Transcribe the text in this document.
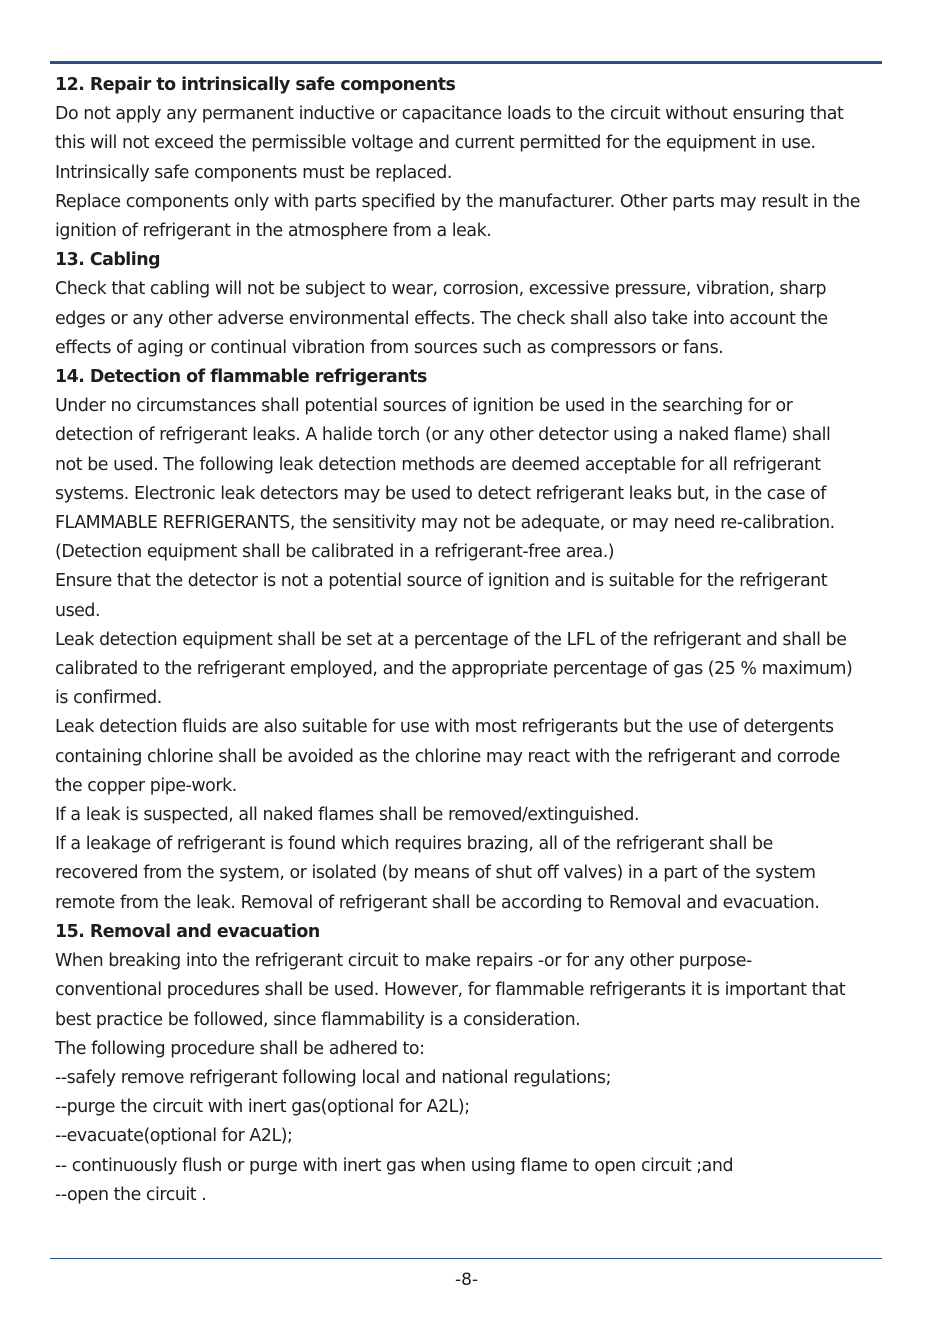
12. Repair to intrinsically safe components

Do not apply any permanent inductive or capacitance loads to the circuit without ensuring that

this will not exceed the permissible voltage and current permitted for the equipment in use.

Intrinsically safe components must be replaced.

Replace components only with parts specified by the manufacturer. Other parts may result in the

ignition of refrigerant in the atmosphere from a leak.

13. Cabling

Check that cabling will not be subject to wear, corrosion, excessive pressure, vibration, sharp

edges or any other adverse environmental effects. The check shall also take into account the

effects of aging or continual vibration from sources such as compressors or fans.

14. Detection of flammable refrigerants

Under no circumstances shall potential sources of ignition be used in the searching for or

detection of refrigerant leaks. A halide torch (or any other detector using a naked flame) shall

not be used. The following leak detection methods are deemed acceptable for all refrigerant

systems. Electronic leak detectors may be used to detect refrigerant leaks but, in the case of

FLAMMABLE REFRIGERANTS, the sensitivity may not be adequate, or may need re-calibration.

(Detection equipment shall be calibrated in a refrigerant-free area.)

Ensure that the detector is not a potential source of ignition and is suitable for the refrigerant

used.

Leak detection equipment shall be set at a percentage of the LFL of the refrigerant and shall be

calibrated to the refrigerant employed, and the appropriate percentage of gas (25 % maximum)

is confirmed.

Leak detection fluids are also suitable for use with most refrigerants but the use of detergents

containing chlorine shall be avoided as the chlorine may react with the refrigerant and corrode

the copper pipe-work.

If a leak is suspected, all naked flames shall be removed/extinguished.

If a leakage of refrigerant is found which requires brazing, all of the refrigerant shall be

recovered from the system, or isolated (by means of shut off valves) in a part of the system

remote from the leak. Removal of refrigerant shall be according to Removal and evacuation.

15. Removal and evacuation

When breaking into the refrigerant circuit to make repairs -or for any other purpose-

conventional procedures shall be used. However, for flammable refrigerants it is important that

best practice be followed, since flammability is a consideration.

The following procedure shall be adhered to:

--safely remove refrigerant following local and national regulations;

--purge the circuit with inert gas(optional for A2L);

--evacuate(optional for A2L);

-- continuously flush or purge with inert gas when using flame to open circuit ;and

--open the circuit .

-8-
